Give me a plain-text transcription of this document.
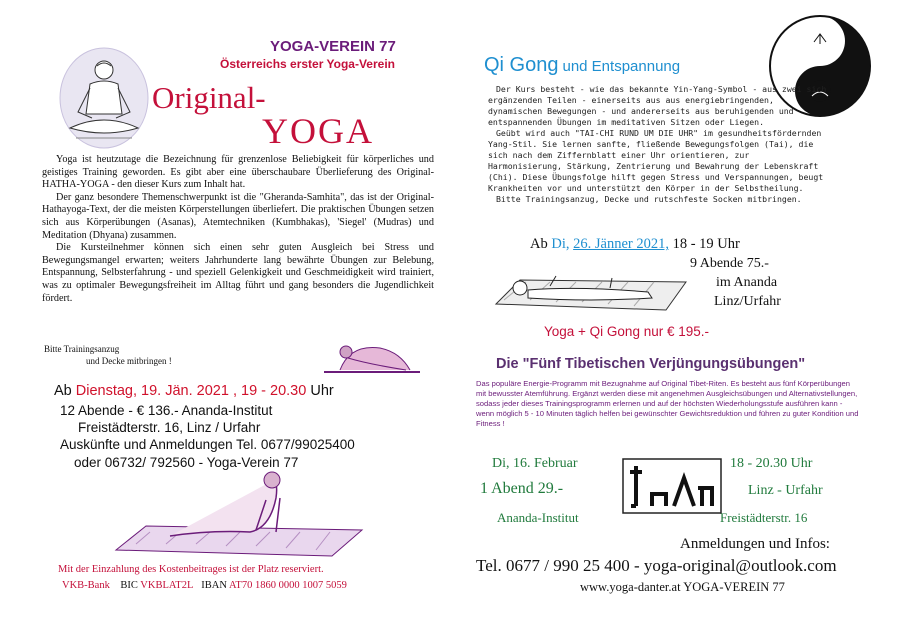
YOGA-VEREIN 77
Österreichs erster Yoga-Verein
Original-
YOGA

Yoga ist heutzutage die Bezeichnung für grenzenlose Beliebigkeit für körperliches und geistiges Training geworden. Es gibt aber eine überschaubare Überlieferung des Original- HATHA-YOGA - den dieser Kurs zum Inhalt hat.

Der ganz besondere Themenschwerpunkt ist die "Gheranda-Samhita", das ist der Original- Hathayoga-Text, der die meisten Körperstellungen überliefert. Die praktischen Übungen setzen sich aus Körperübungen (Asanas), Atemtechniken (Kumbhakas), 'Siegel' (Mudras) und Meditation (Dhyana) zusammen.

Die Kursteilnehmer können sich einen sehr guten Ausgleich bei Stress und Bewegungsmangel erwarten; weiters Jahrhunderte lang bewährte Übungen zur Belebung, Entspannung, Selbsterfahrung - und speziell Gelenkigkeit und Geschmeidigkeit wird trainiert, was zu optimaler Bewegungsfreiheit im Alltag führt und gang besonders die Jugendlichkeit fördert.

Bitte Trainingsanzug
und Decke mitbringen !
Ab Dienstag, 19. Jän. 2021 , 19 - 20.30 Uhr
12 Abende - € 136.- Ananda-Institut
Freistädterstr. 16, Linz / Urfahr
Auskünfte und Anmeldungen Tel. 0677/99025400
oder 06732/ 792560 - Yoga-Verein 77
Mit der Einzahlung des Kostenbeitrages ist der Platz reserviert.
VKB-Bank BIC VKBLAT2L IBAN AT70 1860 0000 1007 5059
Qi Gong und Entspannung

Der Kurs besteht - wie das bekannte Yin-Yang-Symbol - aus zwei sich ergänzenden Teilen - einerseits aus aus energiebringenden, dynamischen Bewegungen - und andererseits aus beruhigenden und entspannenden Übungen im meditativen Sitzen oder Liegen.

Geübt wird auch "TAI-CHI RUND UM DIE UHR" im gesundheitsfördernden Yang-Stil. Sie lernen sanfte, fließende Bewegungsfolgen (Tai), die sich nach dem Ziffernblatt einer Uhr orientieren, zur Harmonisierung, Stärkung, Zentrierung und Bewahrung der Lebenskraft (Chi). Diese Übungsfolge hilft gegen Stress und Verspannungen, beugt Krankheiten vor und unterstützt den Körper in der Selbstheilung.

Bitte Trainingsanzug, Decke und rutschfeste Socken mitbringen.

Ab Di, 26. Jänner 2021, 18 - 19 Uhr
9 Abende 75.-
im Ananda
Linz/Urfahr
Yoga + Qi Gong nur € 195.-
Die "Fünf Tibetischen Verjüngungsübungen"
Das populäre Energie-Programm mit Bezugnahme auf Original Tibet-Riten. Es besteht aus fünf Körperübungen mit bewusster Atemführung. Ergänzt werden diese mit angenehmen Ausgleichsübungen und Alternativstellungen, sodass jeder dieses Trainingsprogramm erlernen und auf der höchsten Wiederholungsstufe ausführen kann - wenn möglich 5 - 10 Minuten täglich helfen bei gewünschter Gewichtsreduktion und führen zu guter Kondition und Fitness !
Di, 16. Februar
1 Abend 29.-
Ananda-Institut
18 - 20.30 Uhr
Linz - Urfahr
Freistädterstr. 16
Anmeldungen und Infos:
Tel. 0677 / 990 25 400 - yoga-original@outlook.com
www.yoga-danter.at YOGA-VEREIN 77
